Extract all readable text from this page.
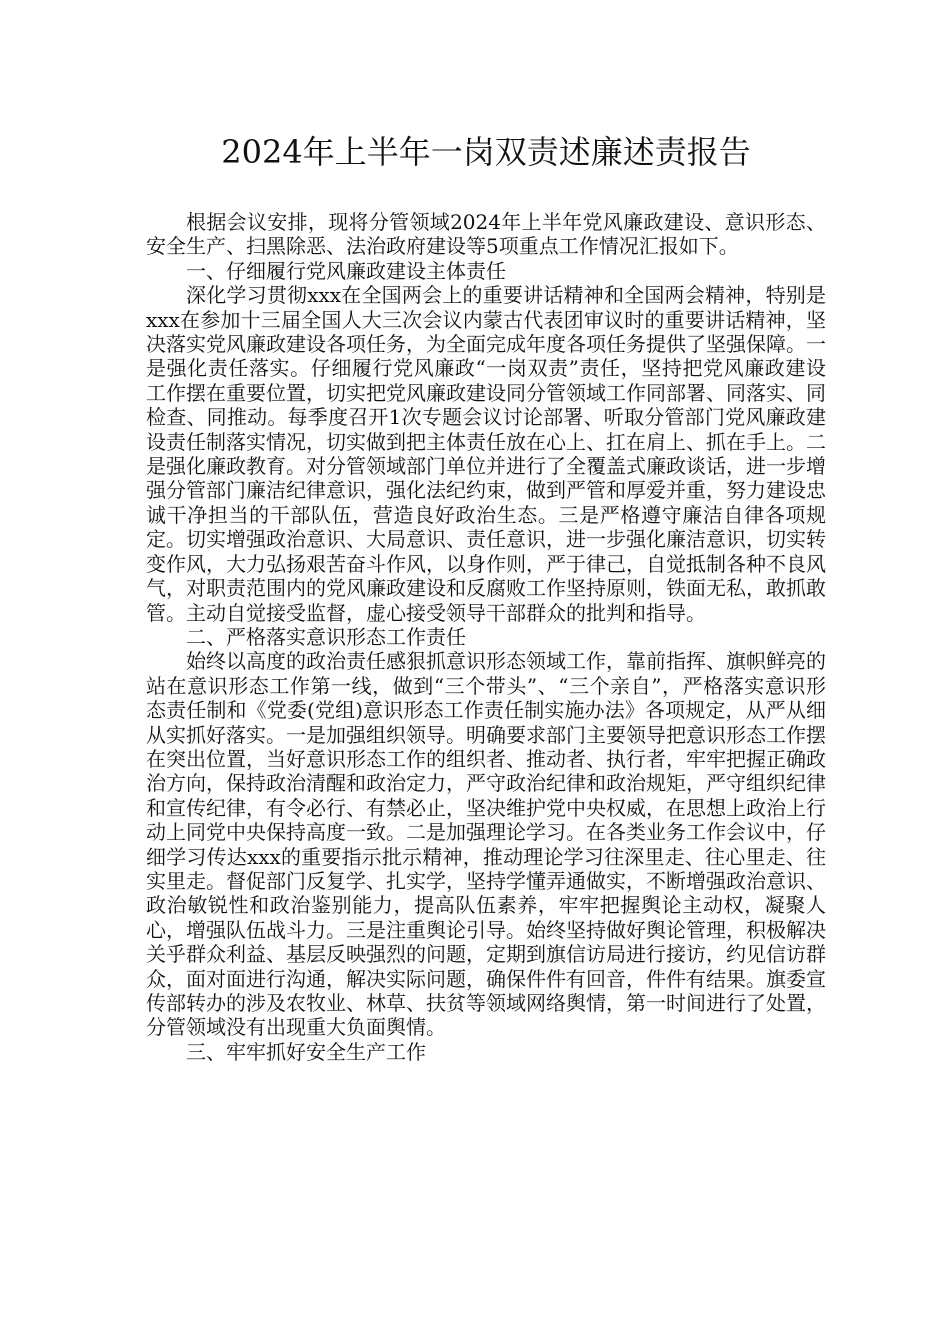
2024年上半年一岗双责述廉述责报告

根据会议安排，现将分管领域2024年上半年党风廉政建设、意识形态、安全生产、扫黑除恶、法治政府建设等5项重点工作情况汇报如下。

一、仔细履行党风廉政建设主体责任

深化学习贯彻xxx在全国两会上的重要讲话精神和全国两会精神，特别是xxx在参加十三届全国人大三次会议内蒙古代表团审议时的重要讲话精神，坚决落实党风廉政建设各项任务，为全面完成年度各项任务提供了坚强保障。一是强化责任落实。仔细履行党风廉政“一岗双责”责任，坚持把党风廉政建设工作摆在重要位置，切实把党风廉政建设同分管领域工作同部署、同落实、同检查、同推动。每季度召开1次专题会议讨论部署、听取分管部门党风廉政建设责任制落实情况，切实做到把主体责任放在心上、扛在肩上、抓在手上。二是强化廉政教育。对分管领域部门单位并进行了全覆盖式廉政谈话，进一步增强分管部门廉洁纪律意识，强化法纪约束，做到严管和厚爱并重，努力建设忠诚干净担当的干部队伍，营造良好政治生态。三是严格遵守廉洁自律各项规定。切实增强政治意识、大局意识、责任意识，进一步强化廉洁意识，切实转变作风，大力弘扬艰苦奋斗作风，以身作则，严于律己，自觉抵制各种不良风气，对职责范围内的党风廉政建设和反腐败工作坚持原则，铁面无私，敢抓敢管。主动自觉接受监督，虚心接受领导干部群众的批判和指导。

二、严格落实意识形态工作责任

始终以高度的政治责任感狠抓意识形态领域工作，靠前指挥、旗帜鲜亮的站在意识形态工作第一线，做到“三个带头”、“三个亲自”，严格落实意识形态责任制和《党委(党组)意识形态工作责任制实施办法》各项规定，从严从细从实抓好落实。一是加强组织领导。明确要求部门主要领导把意识形态工作摆在突出位置，当好意识形态工作的组织者、推动者、执行者，牢牢把握正确政治方向，保持政治清醒和政治定力，严守政治纪律和政治规矩，严守组织纪律和宣传纪律，有令必行、有禁必止，坚决维护党中央权威，在思想上政治上行动上同党中央保持高度一致。二是加强理论学习。在各类业务工作会议中，仔细学习传达xxx的重要指示批示精神，推动理论学习往深里走、往心里走、往实里走。督促部门反复学、扎实学，坚持学懂弄通做实，不断增强政治意识、政治敏锐性和政治鉴别能力，提高队伍素养，牢牢把握舆论主动权，凝聚人心，增强队伍战斗力。三是注重舆论引导。始终坚持做好舆论管理，积极解决关乎群众利益、基层反映强烈的问题，定期到旗信访局进行接访，约见信访群众，面对面进行沟通，解决实际问题，确保件件有回音，件件有结果。旗委宣传部转办的涉及农牧业、林草、扶贫等领域网络舆情，第一时间进行了处置，分管领域没有出现重大负面舆情。

三、牢牢抓好安全生产工作
